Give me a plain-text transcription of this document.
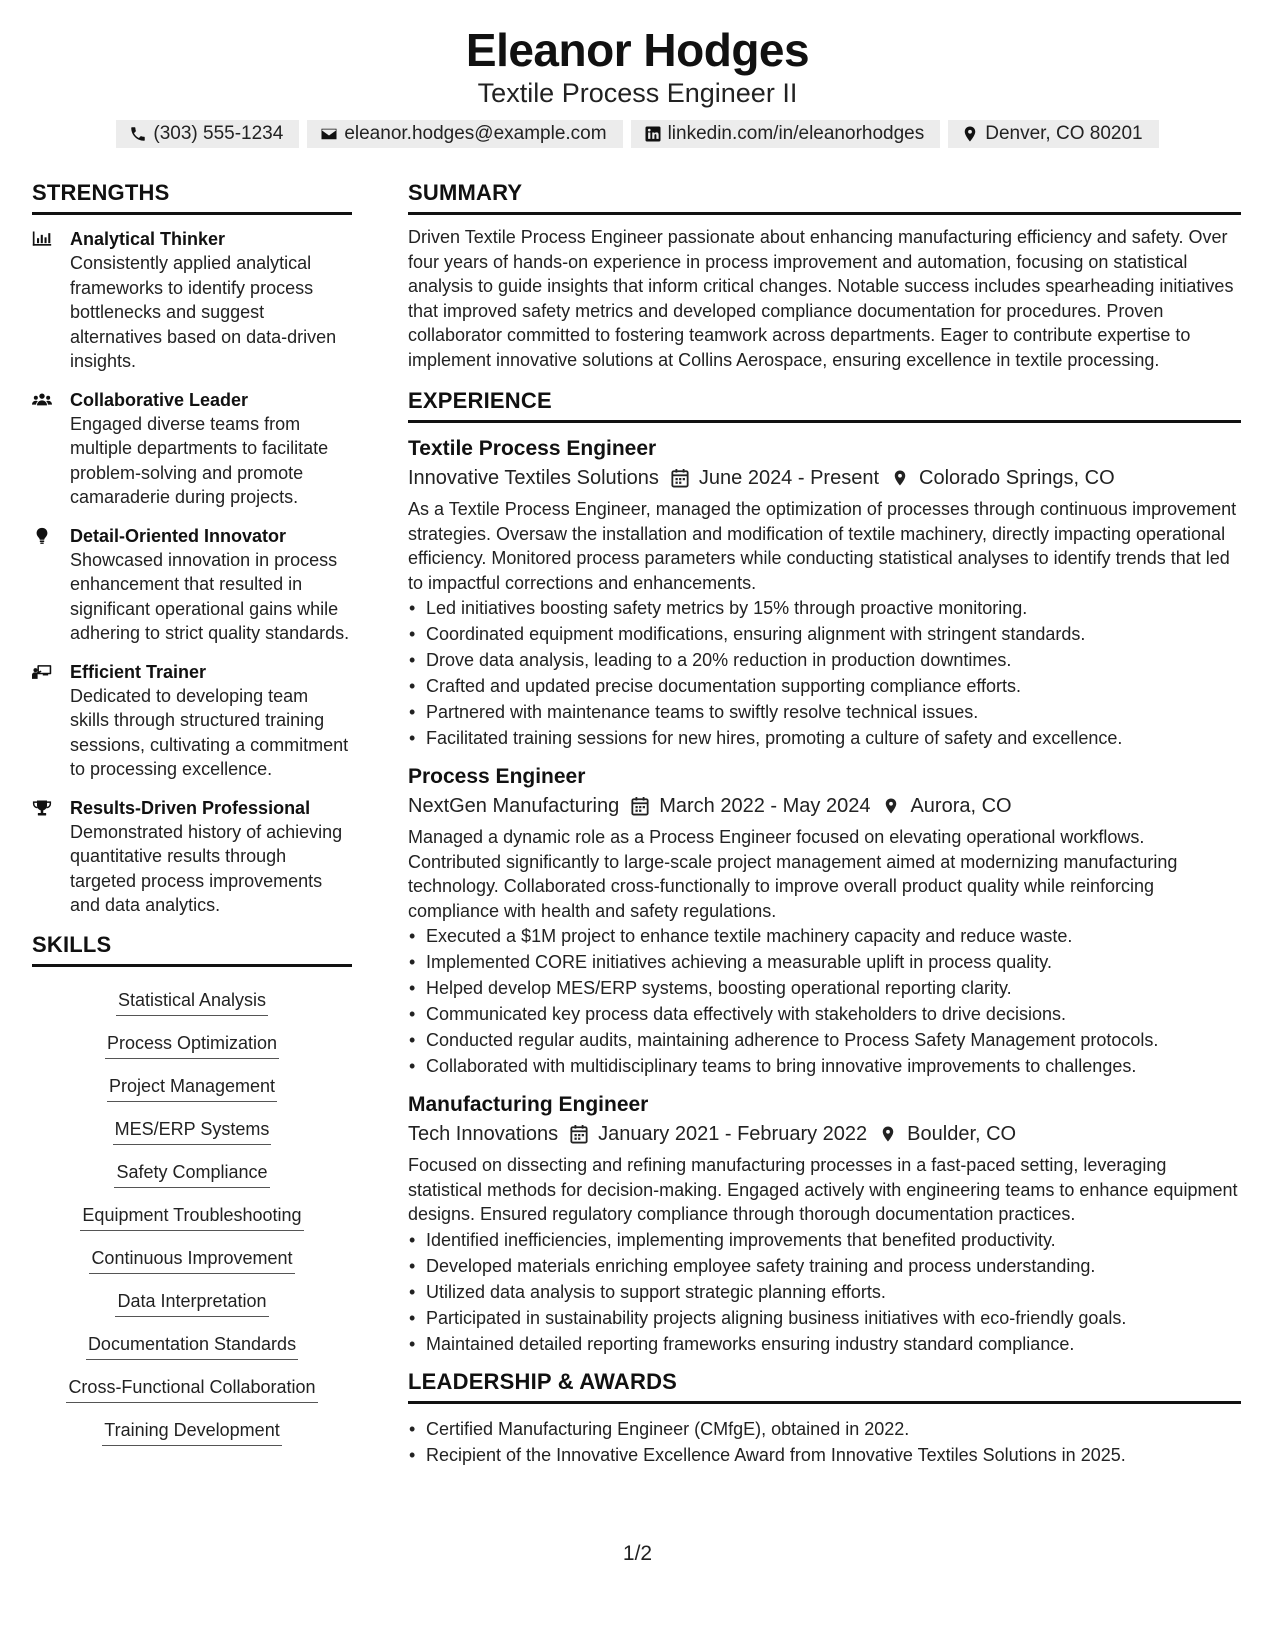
Eleanor Hodges
Textile Process Engineer II
(303) 555-1234	eleanor.hodges@example.com	linkedin.com/in/eleanorhodges	Denver, CO 80201
STRENGTHS
Analytical Thinker
Consistently applied analytical frameworks to identify process bottlenecks and suggest alternatives based on data-driven insights.
Collaborative Leader
Engaged diverse teams from multiple departments to facilitate problem-solving and promote camaraderie during projects.
Detail-Oriented Innovator
Showcased innovation in process enhancement that resulted in significant operational gains while adhering to strict quality standards.
Efficient Trainer
Dedicated to developing team skills through structured training sessions, cultivating a commitment to processing excellence.
Results-Driven Professional
Demonstrated history of achieving quantitative results through targeted process improvements and data analytics.
SKILLS
Statistical Analysis
Process Optimization
Project Management
MES/ERP Systems
Safety Compliance
Equipment Troubleshooting
Continuous Improvement
Data Interpretation
Documentation Standards
Cross-Functional Collaboration
Training Development
SUMMARY
Driven Textile Process Engineer passionate about enhancing manufacturing efficiency and safety. Over four years of hands-on experience in process improvement and automation, focusing on statistical analysis to guide insights that inform critical changes. Notable success includes spearheading initiatives that improved safety metrics and developed compliance documentation for procedures. Proven collaborator committed to fostering teamwork across departments. Eager to contribute expertise to implement innovative solutions at Collins Aerospace, ensuring excellence in textile processing.
EXPERIENCE
Textile Process Engineer
Innovative Textiles Solutions June 2024 - Present Colorado Springs, CO
As a Textile Process Engineer, managed the optimization of processes through continuous improvement strategies. Oversaw the installation and modification of textile machinery, directly impacting operational efficiency. Monitored process parameters while conducting statistical analyses to identify trends that led to impactful corrections and enhancements.
• Led initiatives boosting safety metrics by 15% through proactive monitoring.
• Coordinated equipment modifications, ensuring alignment with stringent standards.
• Drove data analysis, leading to a 20% reduction in production downtimes.
• Crafted and updated precise documentation supporting compliance efforts.
• Partnered with maintenance teams to swiftly resolve technical issues.
• Facilitated training sessions for new hires, promoting a culture of safety and excellence.
Process Engineer
NextGen Manufacturing March 2022 - May 2024 Aurora, CO
Managed a dynamic role as a Process Engineer focused on elevating operational workflows. Contributed significantly to large-scale project management aimed at modernizing manufacturing technology. Collaborated cross-functionally to improve overall product quality while reinforcing compliance with health and safety regulations.
• Executed a $1M project to enhance textile machinery capacity and reduce waste.
• Implemented CORE initiatives achieving a measurable uplift in process quality.
• Helped develop MES/ERP systems, boosting operational reporting clarity.
• Communicated key process data effectively with stakeholders to drive decisions.
• Conducted regular audits, maintaining adherence to Process Safety Management protocols.
• Collaborated with multidisciplinary teams to bring innovative improvements to challenges.
Manufacturing Engineer
Tech Innovations January 2021 - February 2022 Boulder, CO
Focused on dissecting and refining manufacturing processes in a fast-paced setting, leveraging statistical methods for decision-making. Engaged actively with engineering teams to enhance equipment designs. Ensured regulatory compliance through thorough documentation practices.
• Identified inefficiencies, implementing improvements that benefited productivity.
• Developed materials enriching employee safety training and process understanding.
• Utilized data analysis to support strategic planning efforts.
• Participated in sustainability projects aligning business initiatives with eco-friendly goals.
• Maintained detailed reporting frameworks ensuring industry standard compliance.
LEADERSHIP & AWARDS
• Certified Manufacturing Engineer (CMfgE), obtained in 2022.
• Recipient of the Innovative Excellence Award from Innovative Textiles Solutions in 2025.
1/2
